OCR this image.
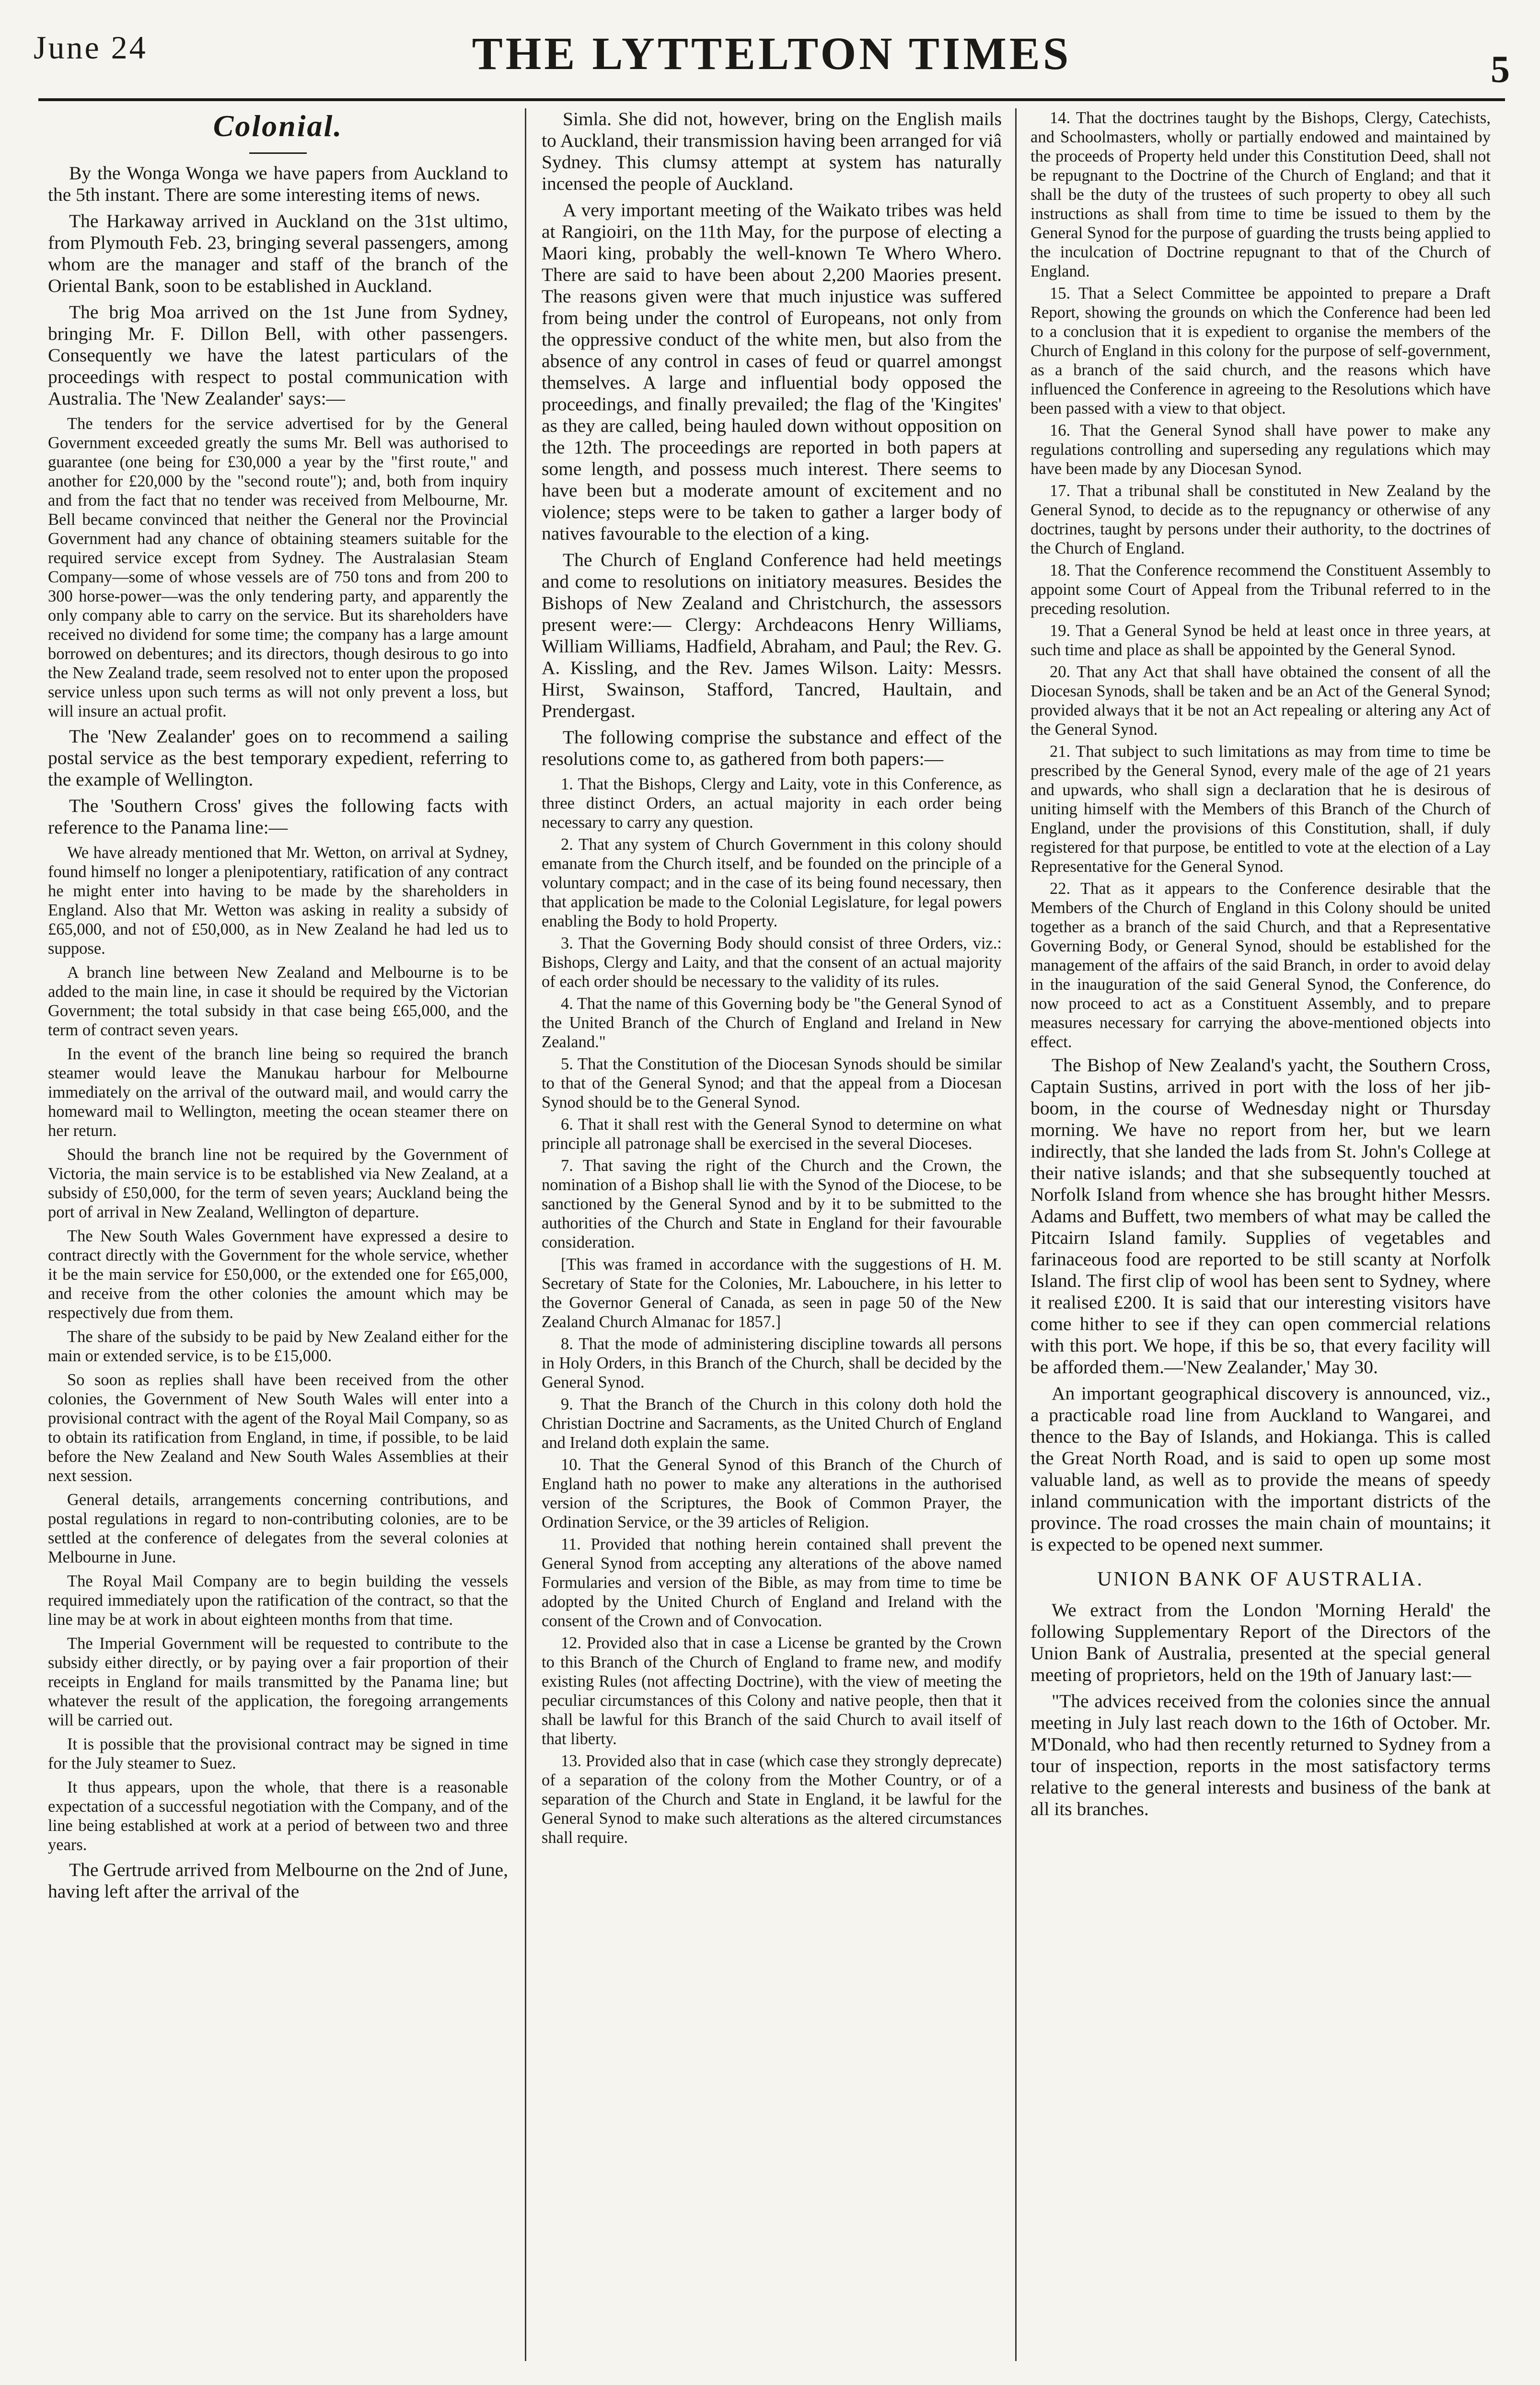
June 24	THE LYTTELTON TIMES	5
Colonial.

By the Wonga Wonga we have papers from Auckland to the 5th instant. There are some interesting items of news.

The Harkaway arrived in Auckland on the 31st ultimo, from Plymouth Feb. 23, bringing several passengers, among whom are the manager and staff of the branch of the Oriental Bank, soon to be established in Auckland.

The brig Moa arrived on the 1st June from Sydney, bringing Mr. F. Dillon Bell, with other passengers. Consequently we have the latest particulars of the proceedings with respect to postal communication with Australia. The 'New Zealander' says:—

The tenders for the service advertised for by the General Government exceeded greatly the sums Mr. Bell was authorised to guarantee (one being for £30,000 a year by the "first route," and another for £20,000 by the "second route"); and, both from inquiry and from the fact that no tender was received from Melbourne, Mr. Bell became convinced that neither the General nor the Provincial Government had any chance of obtaining steamers suitable for the required service except from Sydney. The Australasian Steam Company—some of whose vessels are of 750 tons and from 200 to 300 horse-power—was the only tendering party, and apparently the only company able to carry on the service. But its shareholders have received no dividend for some time; the company has a large amount borrowed on debentures; and its directors, though desirous to go into the New Zealand trade, seem resolved not to enter upon the proposed service unless upon such terms as will not only prevent a loss, but will insure an actual profit.

The 'New Zealander' goes on to recommend a sailing postal service as the best temporary expedient, referring to the example of Wellington.

The 'Southern Cross' gives the following facts with reference to the Panama line:—

We have already mentioned that Mr. Wetton, on arrival at Sydney, found himself no longer a plenipotentiary, ratification of any contract he might enter into having to be made by the shareholders in England. Also that Mr. Wetton was asking in reality a subsidy of £65,000, and not of £50,000, as in New Zealand he had led us to suppose.

A branch line between New Zealand and Melbourne is to be added to the main line, in case it should be required by the Victorian Government; the total subsidy in that case being £65,000, and the term of contract seven years.

In the event of the branch line being so required the branch steamer would leave the Manukau harbour for Melbourne immediately on the arrival of the outward mail, and would carry the homeward mail to Wellington, meeting the ocean steamer there on her return.

Should the branch line not be required by the Government of Victoria, the main service is to be established via New Zealand, at a subsidy of £50,000, for the term of seven years; Auckland being the port of arrival in New Zealand, Wellington of departure.

The New South Wales Government have expressed a desire to contract directly with the Government for the whole service, whether it be the main service for £50,000, or the extended one for £65,000, and receive from the other colonies the amount which may be respectively due from them.

The share of the subsidy to be paid by New Zealand either for the main or extended service, is to be £15,000.

So soon as replies shall have been received from the other colonies, the Government of New South Wales will enter into a provisional contract with the agent of the Royal Mail Company, so as to obtain its ratification from England, in time, if possible, to be laid before the New Zealand and New South Wales Assemblies at their next session.

General details, arrangements concerning contributions, and postal regulations in regard to non-contributing colonies, are to be settled at the conference of delegates from the several colonies at Melbourne in June.

The Royal Mail Company are to begin building the vessels required immediately upon the ratification of the contract, so that the line may be at work in about eighteen months from that time.

The Imperial Government will be requested to contribute to the subsidy either directly, or by paying over a fair proportion of their receipts in England for mails transmitted by the Panama line; but whatever the result of the application, the foregoing arrangements will be carried out.

It is possible that the provisional contract may be signed in time for the July steamer to Suez.

It thus appears, upon the whole, that there is a reasonable expectation of a successful negotiation with the Company, and of the line being established at work at a period of between two and three years.

The Gertrude arrived from Melbourne on the 2nd of June, having left after the arrival of the

Simla. She did not, however, bring on the English mails to Auckland, their transmission having been arranged for viâ Sydney. This clumsy attempt at system has naturally incensed the people of Auckland.

A very important meeting of the Waikato tribes was held at Rangioiri, on the 11th May, for the purpose of electing a Maori king, probably the well-known Te Whero Whero. There are said to have been about 2,200 Maories present. The reasons given were that much injustice was suffered from being under the control of Europeans, not only from the oppressive conduct of the white men, but also from the absence of any control in cases of feud or quarrel amongst themselves. A large and influential body opposed the proceedings, and finally prevailed; the flag of the 'Kingites' as they are called, being hauled down without opposition on the 12th. The proceedings are reported in both papers at some length, and possess much interest. There seems to have been but a moderate amount of excitement and no violence; steps were to be taken to gather a larger body of natives favourable to the election of a king.

The Church of England Conference had held meetings and come to resolutions on initiatory measures. Besides the Bishops of New Zealand and Christchurch, the assessors present were:— Clergy: Archdeacons Henry Williams, William Williams, Hadfield, Abraham, and Paul; the Rev. G. A. Kissling, and the Rev. James Wilson. Laity: Messrs. Hirst, Swainson, Stafford, Tancred, Haultain, and Prendergast.

The following comprise the substance and effect of the resolutions come to, as gathered from both papers:—

1. That the Bishops, Clergy and Laity, vote in this Conference, as three distinct Orders, an actual majority in each order being necessary to carry any question.

2. That any system of Church Government in this colony should emanate from the Church itself, and be founded on the principle of a voluntary compact; and in the case of its being found necessary, then that application be made to the Colonial Legislature, for legal powers enabling the Body to hold Property.

3. That the Governing Body should consist of three Orders, viz.: Bishops, Clergy and Laity, and that the consent of an actual majority of each order should be necessary to the validity of its rules.

4. That the name of this Governing body be "the General Synod of the United Branch of the Church of England and Ireland in New Zealand."

5. That the Constitution of the Diocesan Synods should be similar to that of the General Synod; and that the appeal from a Diocesan Synod should be to the General Synod.

6. That it shall rest with the General Synod to determine on what principle all patronage shall be exercised in the several Dioceses.

7. That saving the right of the Church and the Crown, the nomination of a Bishop shall lie with the Synod of the Diocese, to be sanctioned by the General Synod and by it to be submitted to the authorities of the Church and State in England for their favourable consideration.

[This was framed in accordance with the suggestions of H. M. Secretary of State for the Colonies, Mr. Labouchere, in his letter to the Governor General of Canada, as seen in page 50 of the New Zealand Church Almanac for 1857.]

8. That the mode of administering discipline towards all persons in Holy Orders, in this Branch of the Church, shall be decided by the General Synod.

9. That the Branch of the Church in this colony doth hold the Christian Doctrine and Sacraments, as the United Church of England and Ireland doth explain the same.

10. That the General Synod of this Branch of the Church of England hath no power to make any alterations in the authorised version of the Scriptures, the Book of Common Prayer, the Ordination Service, or the 39 articles of Religion.

11. Provided that nothing herein contained shall prevent the General Synod from accepting any alterations of the above named Formularies and version of the Bible, as may from time to time be adopted by the United Church of England and Ireland with the consent of the Crown and of Convocation.

12. Provided also that in case a License be granted by the Crown to this Branch of the Church of England to frame new, and modify existing Rules (not affecting Doctrine), with the view of meeting the peculiar circumstances of this Colony and native people, then that it shall be lawful for this Branch of the said Church to avail itself of that liberty.

13. Provided also that in case (which case they strongly deprecate) of a separation of the colony from the Mother Country, or of a separation of the Church and State in England, it be lawful for the General Synod to make such alterations as the altered circumstances shall require.

14. That the doctrines taught by the Bishops, Clergy, Catechists, and Schoolmasters, wholly or partially endowed and maintained by the proceeds of Property held under this Constitution Deed, shall not be repugnant to the Doctrine of the Church of England; and that it shall be the duty of the trustees of such property to obey all such instructions as shall from time to time be issued to them by the General Synod for the purpose of guarding the trusts being applied to the inculcation of Doctrine repugnant to that of the Church of England.

15. That a Select Committee be appointed to prepare a Draft Report, showing the grounds on which the Conference had been led to a conclusion that it is expedient to organise the members of the Church of England in this colony for the purpose of self-government, as a branch of the said church, and the reasons which have influenced the Conference in agreeing to the Resolutions which have been passed with a view to that object.

16. That the General Synod shall have power to make any regulations controlling and superseding any regulations which may have been made by any Diocesan Synod.

17. That a tribunal shall be constituted in New Zealand by the General Synod, to decide as to the repugnancy or otherwise of any doctrines, taught by persons under their authority, to the doctrines of the Church of England.

18. That the Conference recommend the Constituent Assembly to appoint some Court of Appeal from the Tribunal referred to in the preceding resolution.

19. That a General Synod be held at least once in three years, at such time and place as shall be appointed by the General Synod.

20. That any Act that shall have obtained the consent of all the Diocesan Synods, shall be taken and be an Act of the General Synod; provided always that it be not an Act repealing or altering any Act of the General Synod.

21. That subject to such limitations as may from time to time be prescribed by the General Synod, every male of the age of 21 years and upwards, who shall sign a declaration that he is desirous of uniting himself with the Members of this Branch of the Church of England, under the provisions of this Constitution, shall, if duly registered for that purpose, be entitled to vote at the election of a Lay Representative for the General Synod.

22. That as it appears to the Conference desirable that the Members of the Church of England in this Colony should be united together as a branch of the said Church, and that a Representative Governing Body, or General Synod, should be established for the management of the affairs of the said Branch, in order to avoid delay in the inauguration of the said General Synod, the Conference, do now proceed to act as a Constituent Assembly, and to prepare measures necessary for carrying the above-mentioned objects into effect.

The Bishop of New Zealand's yacht, the Southern Cross, Captain Sustins, arrived in port with the loss of her jib-boom, in the course of Wednesday night or Thursday morning. We have no report from her, but we learn indirectly, that she landed the lads from St. John's College at their native islands; and that she subsequently touched at Norfolk Island from whence she has brought hither Messrs. Adams and Buffett, two members of what may be called the Pitcairn Island family. Supplies of vegetables and farinaceous food are reported to be still scanty at Norfolk Island. The first clip of wool has been sent to Sydney, where it realised £200. It is said that our interesting visitors have come hither to see if they can open commercial relations with this port. We hope, if this be so, that every facility will be afforded them.—'New Zealander,' May 30.

An important geographical discovery is announced, viz., a practicable road line from Auckland to Wangarei, and thence to the Bay of Islands, and Hokianga. This is called the Great North Road, and is said to open up some most valuable land, as well as to provide the means of speedy inland communication with the important districts of the province. The road crosses the main chain of mountains; it is expected to be opened next summer.

UNION BANK OF AUSTRALIA.

We extract from the London 'Morning Herald' the following Supplementary Report of the Directors of the Union Bank of Australia, presented at the special general meeting of proprietors, held on the 19th of January last:—

"The advices received from the colonies since the annual meeting in July last reach down to the 16th of October. Mr. M'Donald, who had then recently returned to Sydney from a tour of inspection, reports in the most satisfactory terms relative to the general interests and business of the bank at all its branches.
